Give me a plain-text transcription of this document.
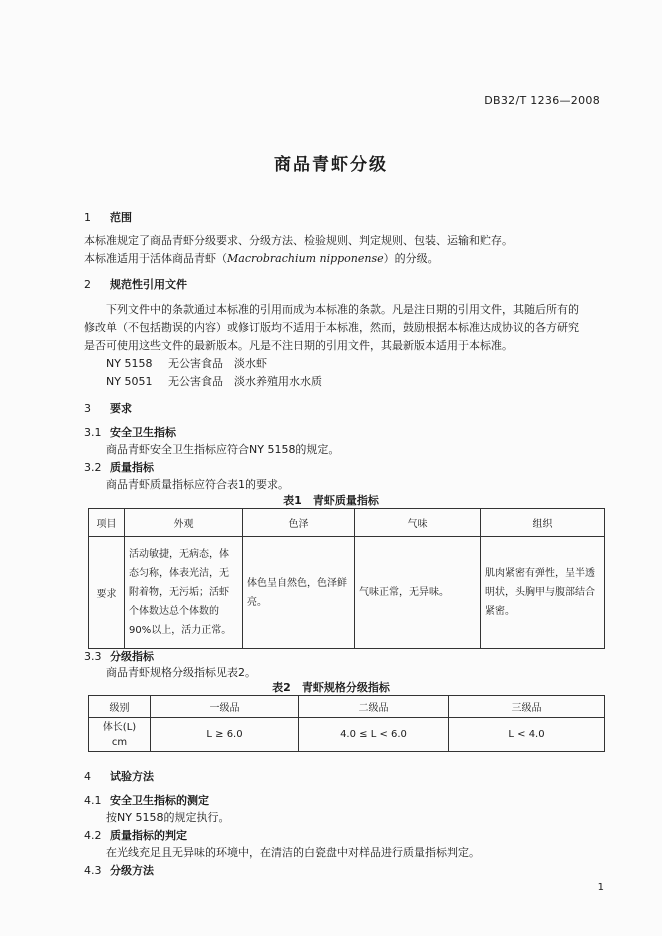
DB32/T 1236—2008
商品青虾分级
1 范围
本标准规定了商品青虾分级要求、分级方法、检验规则、判定规则、包装、运输和贮存。
本标准适用于活体商品青虾（Macrobrachium nipponense）的分级。
2 规范性引用文件
下列文件中的条款通过本标准的引用而成为本标准的条款。凡是注日期的引用文件，其随后所有的
修改单（不包括勘误的内容）或修订版均不适用于本标准，然而，鼓励根据本标准达成协议的各方研究
是否可使用这些文件的最新版本。凡是不注日期的引用文件，其最新版本适用于本标准。
NY 5158 无公害食品　淡水虾
NY 5051 无公害食品　淡水养殖用水水质
3 要求
3.1 安全卫生指标
商品青虾安全卫生指标应符合NY 5158的规定。
3.2 质量指标
商品青虾质量指标应符合表1的要求。
表1　青虾质量指标
项目	外观	色泽	气味	组织
要求	活动敏捷，无病态，体态匀称，体表光洁，无附着物，无污垢；活虾个体数达总个体数的90%以上，活力正常。	体色呈自然色，色泽鲜亮。	气味正常，无异味。	肌肉紧密有弹性，呈半透明状，头胸甲与腹部结合紧密。
3.3 分级指标
商品青虾规格分级指标见表2。
表2　青虾规格分级指标
级别	一级品	二级品	三级品
体长(L)
cm	L ≥ 6.0	4.0 ≤ L < 6.0	L < 4.0
4 试验方法
4.1 安全卫生指标的测定
按NY 5158的规定执行。
4.2 质量指标的判定
在光线充足且无异味的环境中，在清洁的白瓷盘中对样品进行质量指标判定。
4.3 分级方法
1
